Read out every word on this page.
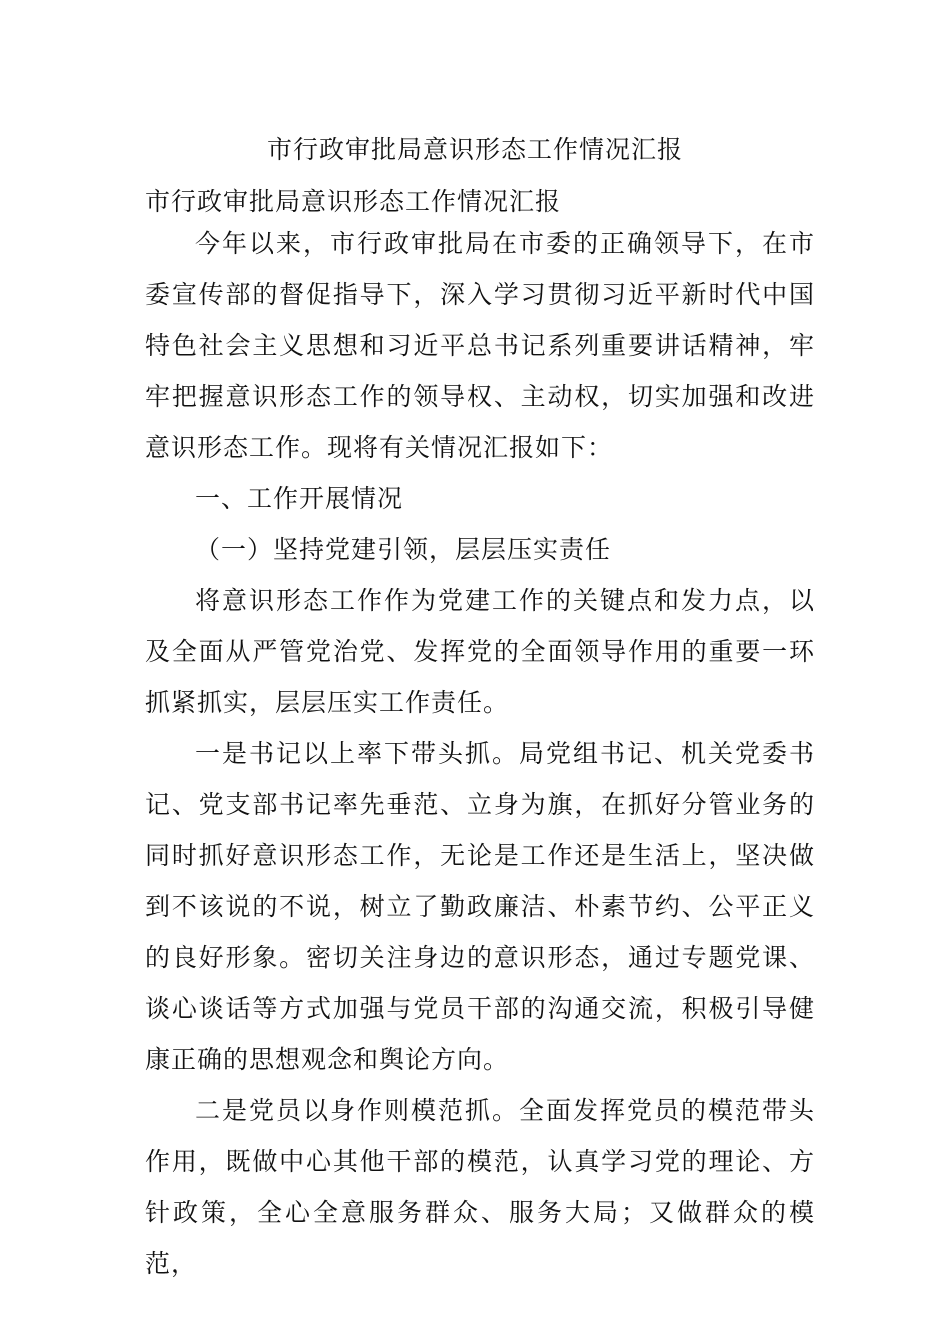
市行政审批局意识形态工作情况汇报

市行政审批局意识形态工作情况汇报

今年以来，市行政审批局在市委的正确领导下，在市委宣传部的督促指导下，深入学习贯彻习近平新时代中国特色社会主义思想和习近平总书记系列重要讲话精神，牢牢把握意识形态工作的领导权、主动权，切实加强和改进意识形态工作。现将有关情况汇报如下：

一、工作开展情况

（一）坚持党建引领，层层压实责任

将意识形态工作作为党建工作的关键点和发力点，以及全面从严管党治党、发挥党的全面领导作用的重要一环抓紧抓实，层层压实工作责任。

一是书记以上率下带头抓。局党组书记、机关党委书记、党支部书记率先垂范、立身为旗，在抓好分管业务的同时抓好意识形态工作，无论是工作还是生活上，坚决做到不该说的不说，树立了勤政廉洁、朴素节约、公平正义的良好形象。密切关注身边的意识形态，通过专题党课、谈心谈话等方式加强与党员干部的沟通交流，积极引导健康正确的思想观念和舆论方向。

二是党员以身作则模范抓。全面发挥党员的模范带头作用，既做中心其他干部的模范，认真学习党的理论、方针政策，全心全意服务群众、服务大局；又做群众的模范，
